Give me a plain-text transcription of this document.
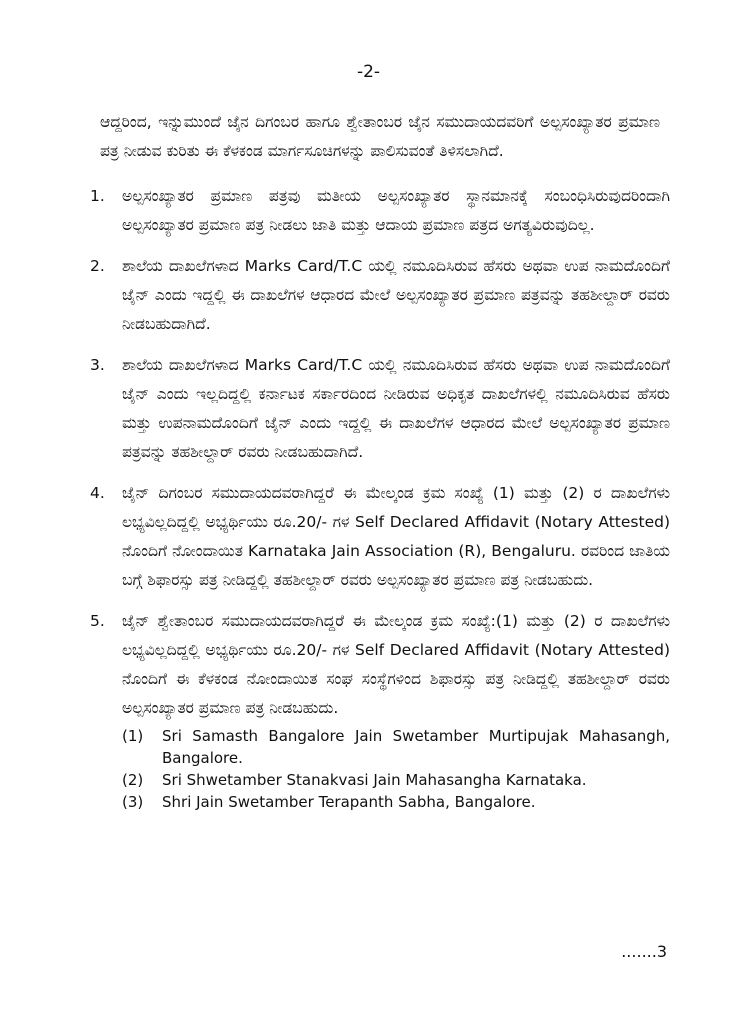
-2-

ಆದ್ದರಿಂದ, ಇನ್ನುಮುಂದೆ ಜೈನ ದಿಗಂಬರ ಹಾಗೂ ಶ್ವೇತಾಂಬರ ಜೈನ ಸಮುದಾಯದವರಿಗೆ ಅಲ್ಪಸಂಖ್ಯಾತರ ಪ್ರಮಾಣ ಪತ್ರ ನೀಡುವ ಕುರಿತು ಈ ಕೆಳಕಂಡ ಮಾರ್ಗಸೂಚಿಗಳನ್ನು ಪಾಲಿಸುವಂತೆ ತಿಳಿಸಲಾಗಿದೆ.

1.	ಅಲ್ಪಸಂಖ್ಯಾತರ ಪ್ರಮಾಣ ಪತ್ರವು ಮತೀಯ ಅಲ್ಪಸಂಖ್ಯಾತರ ಸ್ಥಾನಮಾನಕ್ಕೆ ಸಂಬಂಧಿಸಿರುವುದರಿಂದಾಗಿ ಅಲ್ಪಸಂಖ್ಯಾತರ ಪ್ರಮಾಣ ಪತ್ರ ನೀಡಲು ಜಾತಿ ಮತ್ತು ಆದಾಯ ಪ್ರಮಾಣ ಪತ್ರದ ಅಗತ್ಯವಿರುವುದಿಲ್ಲ.
2.	ಶಾಲೆಯ ದಾಖಲೆಗಳಾದ Marks Card/T.C ಯಲ್ಲಿ ನಮೂದಿಸಿರುವ ಹೆಸರು ಅಥವಾ ಉಪ ನಾಮದೊಂದಿಗೆ ಜೈನ್ ಎಂದು ಇದ್ದಲ್ಲಿ ಈ ದಾಖಲೆಗಳ ಆಧಾರದ ಮೇಲೆ ಅಲ್ಪಸಂಖ್ಯಾತರ ಪ್ರಮಾಣ ಪತ್ರವನ್ನು ತಹಶೀಲ್ದಾರ್ ರವರು ನೀಡಬಹುದಾಗಿದೆ.
3.	ಶಾಲೆಯ ದಾಖಲೆಗಳಾದ Marks Card/T.C ಯಲ್ಲಿ ನಮೂದಿಸಿರುವ ಹೆಸರು ಅಥವಾ ಉಪ ನಾಮದೊಂದಿಗೆ ಜೈನ್ ಎಂದು ಇಲ್ಲದಿದ್ದಲ್ಲಿ ಕರ್ನಾಟಕ ಸರ್ಕಾರದಿಂದ ನೀಡಿರುವ ಅಧಿಕೃತ ದಾಖಲೆಗಳಲ್ಲಿ ನಮೂದಿಸಿರುವ ಹೆಸರು ಮತ್ತು ಉಪನಾಮದೊಂದಿಗೆ ಜೈನ್ ಎಂದು ಇದ್ದಲ್ಲಿ ಈ ದಾಖಲೆಗಳ ಆಧಾರದ ಮೇಲೆ ಅಲ್ಪಸಂಖ್ಯಾತರ ಪ್ರಮಾಣ ಪತ್ರವನ್ನು ತಹಶೀಲ್ದಾರ್ ರವರು ನೀಡಬಹುದಾಗಿದೆ.
4.	ಜೈನ್ ದಿಗಂಬರ ಸಮುದಾಯದವರಾಗಿದ್ದರೆ ಈ ಮೇಲ್ಕಂಡ ಕ್ರಮ ಸಂಖ್ಯೆ (1) ಮತ್ತು (2) ರ ದಾಖಲೆಗಳು ಲಭ್ಯವಿಲ್ಲದಿದ್ದಲ್ಲಿ ಅಭ್ಯರ್ಥಿಯು ರೂ.20/- ಗಳ Self Declared Affidavit (Notary Attested) ನೊಂದಿಗೆ ನೋಂದಾಯಿತ Karnataka Jain Association (R), Bengaluru. ರವರಿಂದ ಜಾತಿಯ ಬಗ್ಗೆ ಶಿಫಾರಸ್ಸು ಪತ್ರ ನೀಡಿದ್ದಲ್ಲಿ ತಹಶೀಲ್ದಾರ್ ರವರು ಅಲ್ಪಸಂಖ್ಯಾತರ ಪ್ರಮಾಣ ಪತ್ರ ನೀಡಬಹುದು.
5.	ಜೈನ್ ಶ್ವೇತಾಂಬರ ಸಮುದಾಯದವರಾಗಿದ್ದರೆ ಈ ಮೇಲ್ಕಂಡ ಕ್ರಮ ಸಂಖ್ಯೆ:(1) ಮತ್ತು (2) ರ ದಾಖಲೆಗಳು ಲಭ್ಯವಿಲ್ಲದಿದ್ದಲ್ಲಿ ಅಭ್ಯರ್ಥಿಯು ರೂ.20/- ಗಳ Self Declared Affidavit (Notary Attested) ನೊಂದಿಗೆ ಈ ಕೆಳಕಂಡ ನೋಂದಾಯಿತ ಸಂಘ ಸಂಸ್ಥೆಗಳಿಂದ ಶಿಫಾರಸ್ಸು ಪತ್ರ ನೀಡಿದ್ದಲ್ಲಿ ತಹಶೀಲ್ದಾರ್ ರವರು ಅಲ್ಪಸಂಖ್ಯಾತರ ಪ್ರಮಾಣ ಪತ್ರ ನೀಡಬಹುದು.
(1)	Sri Samasth Bangalore Jain Swetamber Murtipujak Mahasangh, Bangalore.
(2)	Sri Shwetamber Stanakvasi Jain Mahasangha Karnataka.
(3)	Shri Jain Swetamber Terapanth Sabha, Bangalore.
.......3
